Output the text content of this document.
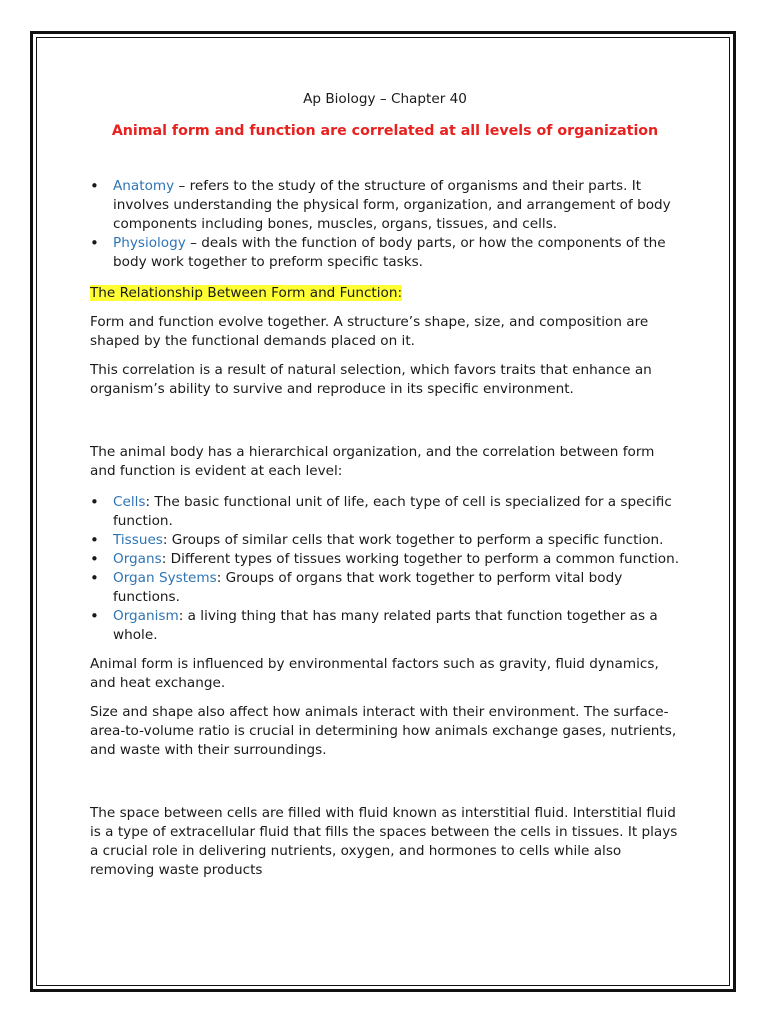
Ap Biology – Chapter 40

Animal form and function are correlated at all levels of organization

• Anatomy – refers to the study of the structure of organisms and their parts. It involves understanding the physical form, organization, and arrangement of body components including bones, muscles, organs, tissues, and cells.
• Physiology – deals with the function of body parts, or how the components of the body work together to preform specific tasks.

The Relationship Between Form and Function:

Form and function evolve together. A structure’s shape, size, and composition are shaped by the functional demands placed on it.

This correlation is a result of natural selection, which favors traits that enhance an organism’s ability to survive and reproduce in its specific environment.

The animal body has a hierarchical organization, and the correlation between form and function is evident at each level:

• Cells: The basic functional unit of life, each type of cell is specialized for a specific function.
• Tissues: Groups of similar cells that work together to perform a specific function.
• Organs: Different types of tissues working together to perform a common function.
• Organ Systems: Groups of organs that work together to perform vital body functions.
• Organism: a living thing that has many related parts that function together as a whole.

Animal form is influenced by environmental factors such as gravity, fluid dynamics, and heat exchange.

Size and shape also affect how animals interact with their environment. The surface-area-to-volume ratio is crucial in determining how animals exchange gases, nutrients, and waste with their surroundings.

The space between cells are filled with fluid known as interstitial fluid. Interstitial fluid is a type of extracellular fluid that fills the spaces between the cells in tissues. It plays a crucial role in delivering nutrients, oxygen, and hormones to cells while also removing waste products
